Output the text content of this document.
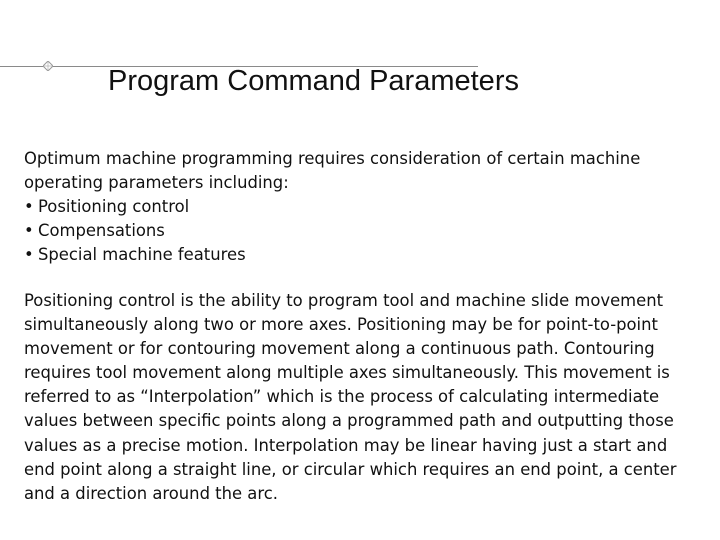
Program Command Parameters

Optimum machine programming requires consideration of certain machine operating parameters including:

• Positioning control
• Compensations
• Special machine features

Positioning control is the ability to program tool and machine slide movement simultaneously along two or more axes. Positioning may be for point-to-point movement or for contouring movement along a continuous path. Contouring requires tool movement along multiple axes simultaneously. This movement is referred to as “Interpolation” which is the process of calculating intermediate values between specific points along a programmed path and outputting those values as a precise motion. Interpolation may be linear having just a start and end point along a straight line, or circular which requires an end point, a center and a direction around the arc.
